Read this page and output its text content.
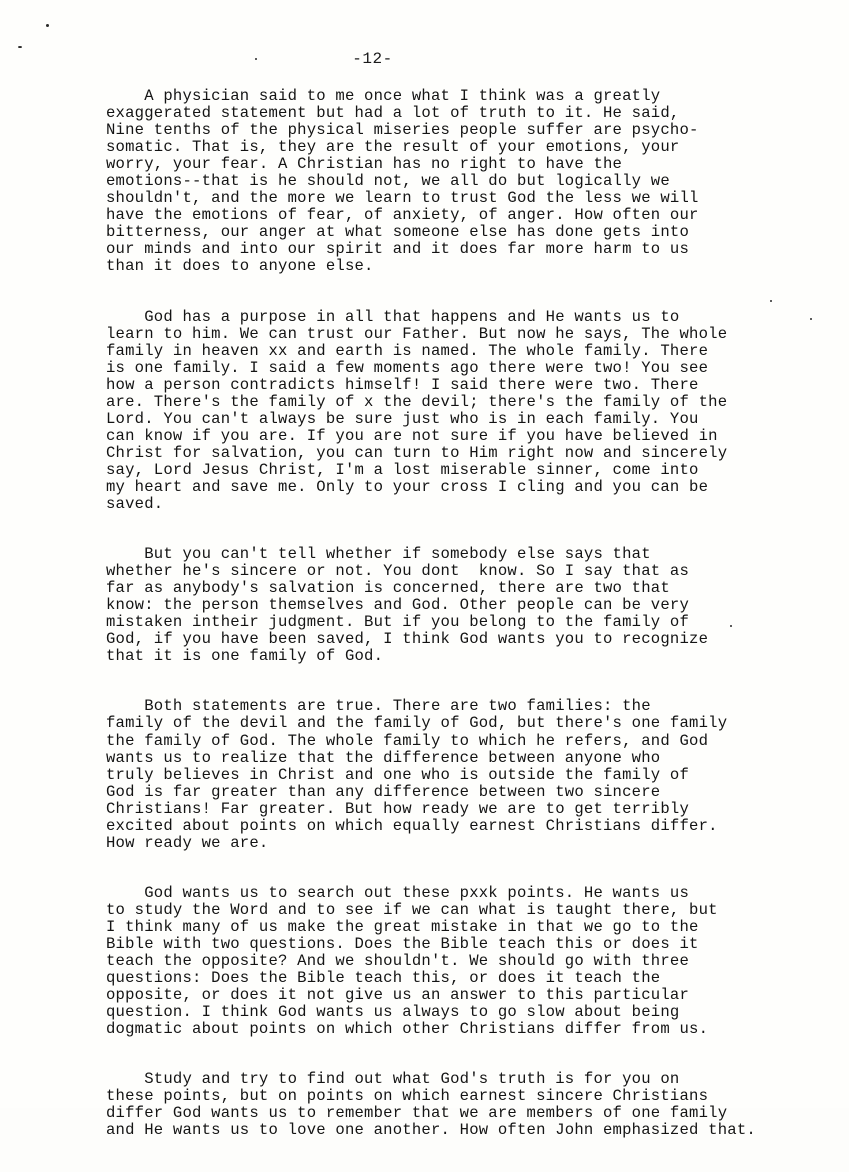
-12-
A physician said to me once what I think was a greatly
exaggerated statement but had a lot of truth to it. He said,
Nine tenths of the physical miseries people suffer are psycho-
somatic. That is, they are the result of your emotions, your
worry, your fear. A Christian has no right to have the
emotions--that is he should not, we all do but logically we
shouldn't, and the more we learn to trust God the less we will
have the emotions of fear, of anxiety, of anger. How often our
bitterness, our anger at what someone else has done gets into
our minds and into our spirit and it does far more harm to us
than it does to anyone else.
God has a purpose in all that happens and He wants us to
learn to him. We can trust our Father. But now he says, The whole
family in heaven xx and earth is named. The whole family. There
is one family. I said a few moments ago there were two! You see
how a person contradicts himself! I said there were two. There
are. There's the family of x the devil; there's the family of the
Lord. You can't always be sure just who is in each family. You
can know if you are. If you are not sure if you have believed in
Christ for salvation, you can turn to Him right now and sincerely
say, Lord Jesus Christ, I'm a lost miserable sinner, come into
my heart and save me. Only to your cross I cling and you can be
saved.
But you can't tell whether if somebody else says that
whether he's sincere or not. You dont  know. So I say that as
far as anybody's salvation is concerned, there are two that
know: the person themselves and God. Other people can be very
mistaken intheir judgment. But if you belong to the family of
God, if you have been saved, I think God wants you to recognize
that it is one family of God.
Both statements are true. There are two families: the
family of the devil and the family of God, but there's one family
the family of God. The whole family to which he refers, and God
wants us to realize that the difference between anyone who
truly believes in Christ and one who is outside the family of
God is far greater than any difference between two sincere
Christians! Far greater. But how ready we are to get terribly
excited about points on which equally earnest Christians differ.
How ready we are.
God wants us to search out these pxxk points. He wants us
to study the Word and to see if we can what is taught there, but
I think many of us make the great mistake in that we go to the
Bible with two questions. Does the Bible teach this or does it
teach the opposite? And we shouldn't. We should go with three
questions: Does the Bible teach this, or does it teach the
opposite, or does it not give us an answer to this particular
question. I think God wants us always to go slow about being
dogmatic about points on which other Christians differ from us.
Study and try to find out what God's truth is for you on
these points, but on points on which earnest sincere Christians
differ God wants us to remember that we are members of one family
and He wants us to love one another. How often John emphasized that.
